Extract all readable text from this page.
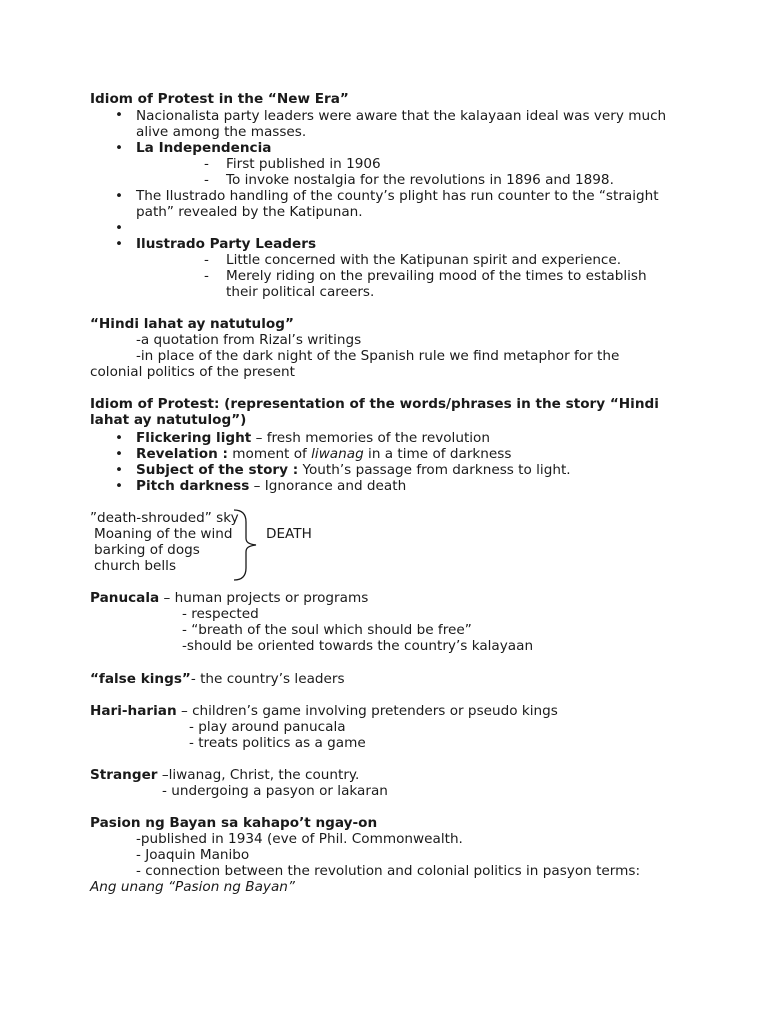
Idiom of Protest in the “New Era”
• Nacionalista party leaders were aware that the kalayaan ideal was very much
alive among the masses.
• La Independencia
- First published in 1906
- To invoke nostalgia for the revolutions in 1896 and 1898.
• The Ilustrado handling of the county’s plight has run counter to the “straight
path” revealed by the Katipunan.
•
• Ilustrado Party Leaders
- Little concerned with the Katipunan spirit and experience.
- Merely riding on the prevailing mood of the times to establish
their political careers.
“Hindi lahat ay natutulog”
-a quotation from Rizal’s writings
-in place of the dark night of the Spanish rule we find metaphor for the
colonial politics of the present
Idiom of Protest: (representation of the words/phrases in the story “Hindi
lahat ay natutulog”)
• Flickering light – fresh memories of the revolution
• Revelation : moment of liwanag in a time of darkness
• Subject of the story : Youth’s passage from darkness to light.
• Pitch darkness – Ignorance and death
”death-shrouded” sky
Moaning of the wind
barking of dogs
church bells
DEATH
Panucala – human projects or programs
- respected
- “breath of the soul which should be free”
-should be oriented towards the country’s kalayaan
“false kings”- the country’s leaders
Hari-harian – children’s game involving pretenders or pseudo kings
- play around panucala
- treats politics as a game
Stranger –liwanag, Christ, the country.
- undergoing a pasyon or lakaran
Pasion ng Bayan sa kahapo’t ngay-on
-published in 1934 (eve of Phil. Commonwealth.
- Joaquin Manibo
- connection between the revolution and colonial politics in pasyon terms:
Ang unang “Pasion ng Bayan”
